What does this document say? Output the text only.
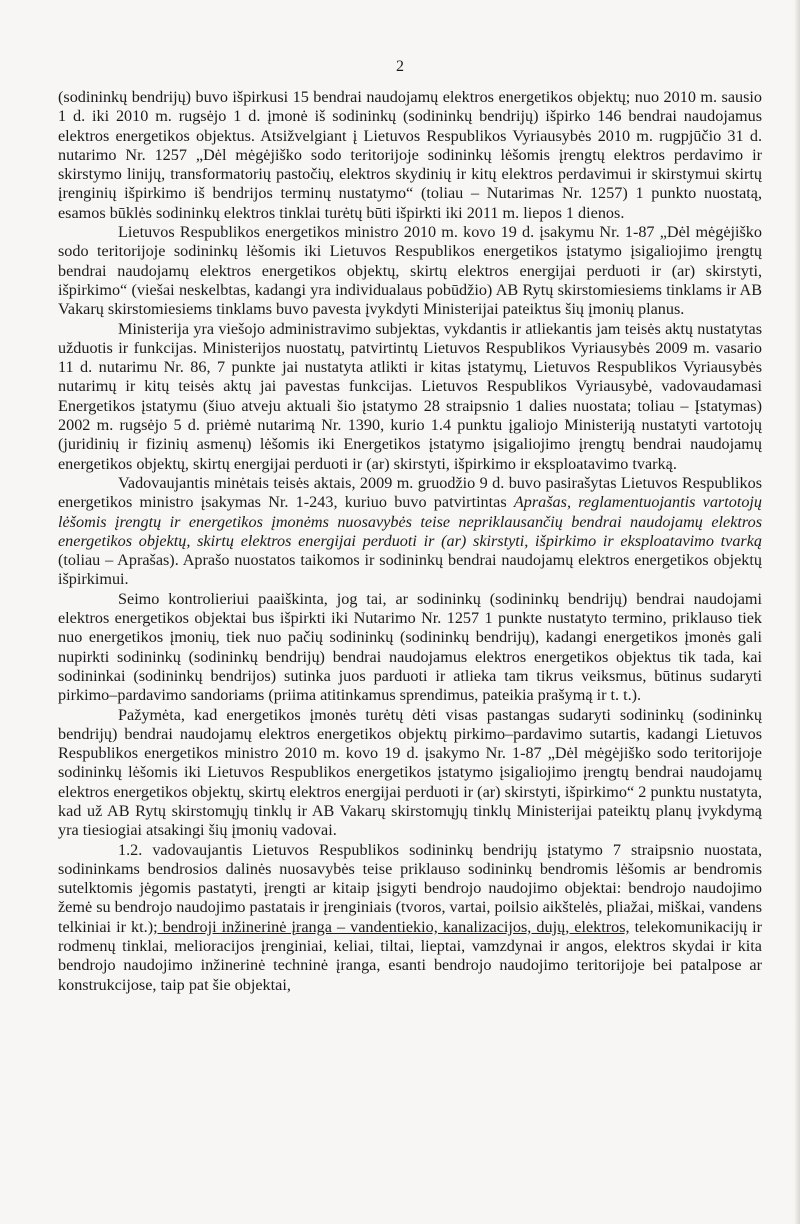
2

(sodininkų bendrijų) buvo išpirkusi 15 bendrai naudojamų elektros energetikos objektų; nuo 2010 m. sausio 1 d. iki 2010 m. rugsėjo 1 d. įmonė iš sodininkų (sodininkų bendrijų) išpirko 146 bendrai naudojamus elektros energetikos objektus. Atsižvelgiant į Lietuvos Respublikos Vyriausybės 2010 m. rugpjūčio 31 d. nutarimo Nr. 1257 „Dėl mėgėjiško sodo teritorijoje sodininkų lėšomis įrengtų elektros perdavimo ir skirstymo linijų, transformatorių pastočių, elektros skydinių ir kitų elektros perdavimui ir skirstymui skirtų įrenginių išpirkimo iš bendrijos terminų nustatymo“ (toliau – Nutarimas Nr. 1257) 1 punkto nuostatą, esamos būklės sodininkų elektros tinklai turėtų būti išpirkti iki 2011 m. liepos 1 dienos.

Lietuvos Respublikos energetikos ministro 2010 m. kovo 19 d. įsakymu Nr. 1-87 „Dėl mėgėjiško sodo teritorijoje sodininkų lėšomis iki Lietuvos Respublikos energetikos įstatymo įsigaliojimo įrengtų bendrai naudojamų elektros energetikos objektų, skirtų elektros energijai perduoti ir (ar) skirstyti, išpirkimo“ (viešai neskelbtas, kadangi yra individualaus pobūdžio) AB Rytų skirstomiesiems tinklams ir AB Vakarų skirstomiesiems tinklams buvo pavesta įvykdyti Ministerijai pateiktus šių įmonių planus.

Ministerija yra viešojo administravimo subjektas, vykdantis ir atliekantis jam teisės aktų nustatytas užduotis ir funkcijas. Ministerijos nuostatų, patvirtintų Lietuvos Respublikos Vyriausybės 2009 m. vasario 11 d. nutarimu Nr. 86, 7 punkte jai nustatyta atlikti ir kitas įstatymų, Lietuvos Respublikos Vyriausybės nutarimų ir kitų teisės aktų jai pavestas funkcijas. Lietuvos Respublikos Vyriausybė, vadovaudamasi Energetikos įstatymu (šiuo atveju aktuali šio įstatymo 28 straipsnio 1 dalies nuostata; toliau – Įstatymas) 2002 m. rugsėjo 5 d. priėmė nutarimą Nr. 1390, kurio 1.4 punktu įgaliojo Ministeriją nustatyti vartotojų (juridinių ir fizinių asmenų) lėšomis iki Energetikos įstatymo įsigaliojimo įrengtų bendrai naudojamų energetikos objektų, skirtų energijai perduoti ir (ar) skirstyti, išpirkimo ir eksploatavimo tvarką.

Vadovaujantis minėtais teisės aktais, 2009 m. gruodžio 9 d. buvo pasirašytas Lietuvos Respublikos energetikos ministro įsakymas Nr. 1-243, kuriuo buvo patvirtintas Aprašas, reglamentuojantis vartotojų lėšomis įrengtų ir energetikos įmonėms nuosavybės teise nepriklausančių bendrai naudojamų elektros energetikos objektų, skirtų elektros energijai perduoti ir (ar) skirstyti, išpirkimo ir eksploatavimo tvarką (toliau – Aprašas). Aprašo nuostatos taikomos ir sodininkų bendrai naudojamų elektros energetikos objektų išpirkimui.

Seimo kontrolieriui paaiškinta, jog tai, ar sodininkų (sodininkų bendrijų) bendrai naudojami elektros energetikos objektai bus išpirkti iki Nutarimo Nr. 1257 1 punkte nustatyto termino, priklauso tiek nuo energetikos įmonių, tiek nuo pačių sodininkų (sodininkų bendrijų), kadangi energetikos įmonės gali nupirkti sodininkų (sodininkų bendrijų) bendrai naudojamus elektros energetikos objektus tik tada, kai sodininkai (sodininkų bendrijos) sutinka juos parduoti ir atlieka tam tikrus veiksmus, būtinus sudaryti pirkimo–pardavimo sandoriams (priima atitinkamus sprendimus, pateikia prašymą ir t. t.).

Pažymėta, kad energetikos įmonės turėtų dėti visas pastangas sudaryti sodininkų (sodininkų bendrijų) bendrai naudojamų elektros energetikos objektų pirkimo–pardavimo sutartis, kadangi Lietuvos Respublikos energetikos ministro 2010 m. kovo 19 d. įsakymo Nr. 1-87 „Dėl mėgėjiško sodo teritorijoje sodininkų lėšomis iki Lietuvos Respublikos energetikos įstatymo įsigaliojimo įrengtų bendrai naudojamų elektros energetikos objektų, skirtų elektros energijai perduoti ir (ar) skirstyti, išpirkimo“ 2 punktu nustatyta, kad už AB Rytų skirstomųjų tinklų ir AB Vakarų skirstomųjų tinklų Ministerijai pateiktų planų įvykdymą yra tiesiogiai atsakingi šių įmonių vadovai.

1.2. vadovaujantis Lietuvos Respublikos sodininkų bendrijų įstatymo 7 straipsnio nuostata, sodininkams bendrosios dalinės nuosavybės teise priklauso sodininkų bendromis lėšomis ar bendromis sutelktomis jėgomis pastatyti, įrengti ar kitaip įsigyti bendrojo naudojimo objektai: bendrojo naudojimo žemė su bendrojo naudojimo pastatais ir įrenginiais (tvoros, vartai, poilsio aikštelės, pliažai, miškai, vandens telkiniai ir kt.); bendroji inžinerinė įranga – vandentiekio, kanalizacijos, dujų, elektros, telekomunikacijų ir rodmenų tinklai, melioracijos įrenginiai, keliai, tiltai, lieptai, vamzdynai ir angos, elektros skydai ir kita bendrojo naudojimo inžinerinė techninė įranga, esanti bendrojo naudojimo teritorijoje bei patalpose ar konstrukcijose, taip pat šie objektai,
